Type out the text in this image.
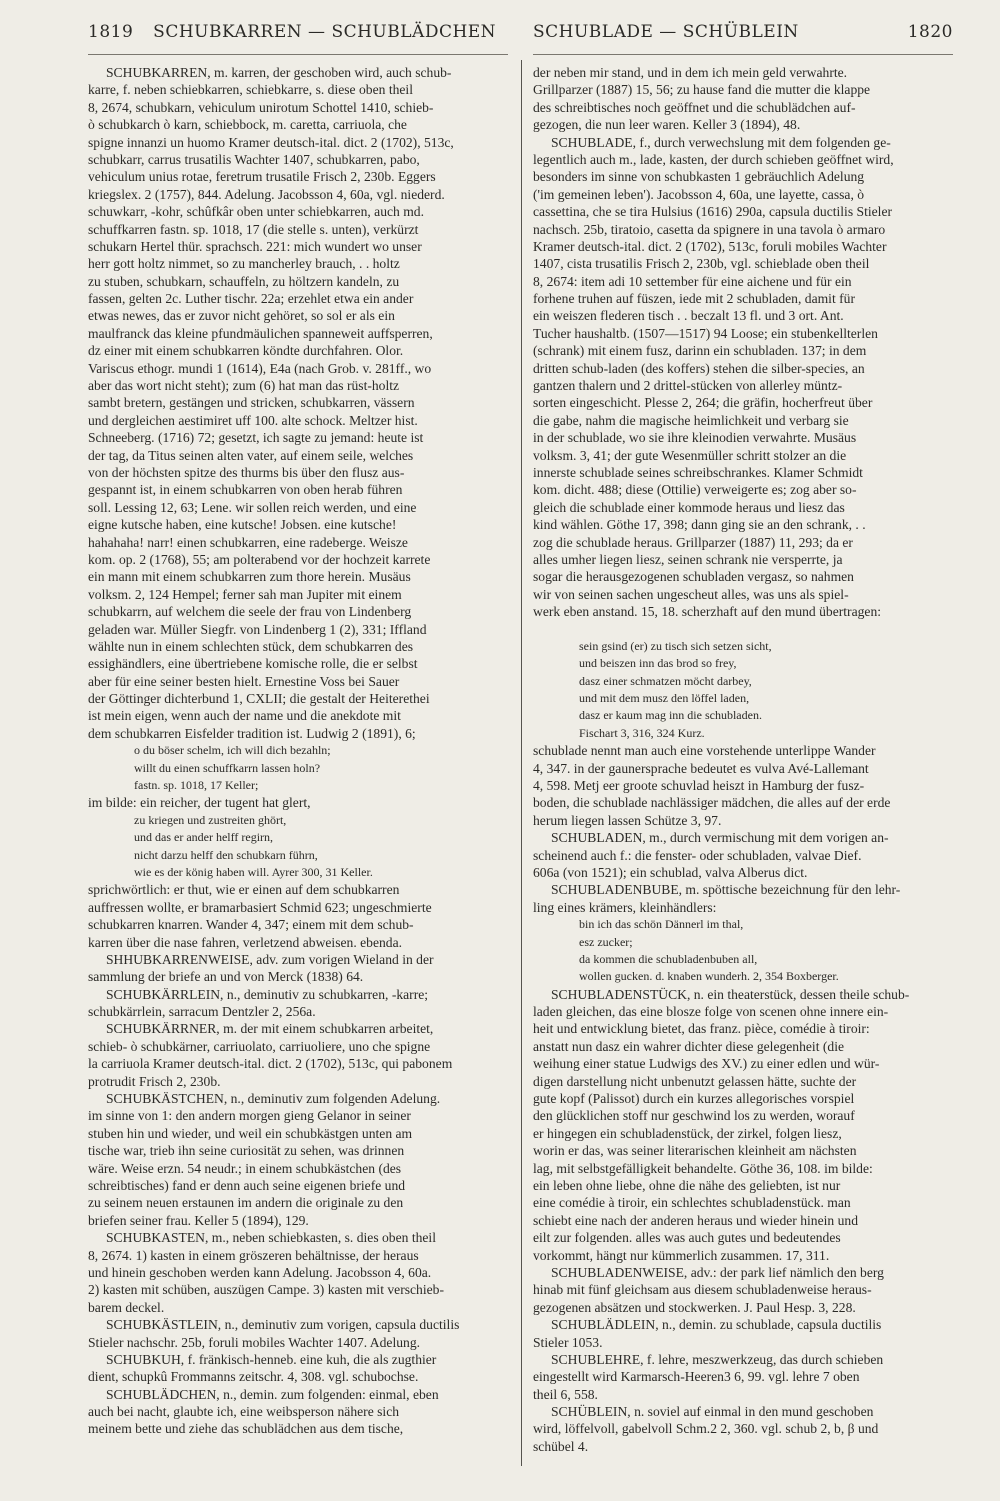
1819 SCHUBKARREN — SCHUBLÄDCHEN SCHUBLADE — SCHÜBLEIN	1820
SCHUBKARREN, m. karren, der geschoben wird, auch schub-
karre, f. neben schiebkarren, schiebkarre, s. diese oben theil
8, 2674, schubkarn, vehiculum unirotum Schottel 1410, schieb-
ò schubkarch ò karn, schiebbock, m. caretta, carriuola, che
spigne innanzi un huomo Kramer deutsch-ital. dict. 2 (1702), 513c,
schubkarr, carrus trusatilis Wachter 1407, schubkarren, pabo,
vehiculum unius rotae, feretrum trusatile Frisch 2, 230b. Eggers
kriegslex. 2 (1757), 844. Adelung. Jacobsson 4, 60a, vgl. niederd.
schuwkarr, -kohr, schûfkâr oben unter schiebkarren, auch md.
schuffkarren fastn. sp. 1018, 17 (die stelle s. unten), verkürzt
schukarn Hertel thür. sprachsch. 221: mich wundert wo unser
herr gott holtz nimmet, so zu mancherley brauch, . . holtz
zu stuben, schubkarn, schauffeln, zu höltzern kandeln, zu
fassen, gelten 2c. Luther tischr. 22a; erzehlet etwa ein ander
etwas newes, das er zuvor nicht gehöret, so sol er als ein
maulfranck das kleine pfundmäulichen spanneweit auffsperren,
dz einer mit einem schubkarren köndte durchfahren. Olor.
Variscus ethogr. mundi 1 (1614), E4a (nach Grob. v. 281ff., wo
aber das wort nicht steht); zum (6) hat man das rüst-holtz
sambt bretern, gestängen und stricken, schubkarren, vässern
und dergleichen aestimiret uff 100. alte schock. Meltzer hist.
Schneeberg. (1716) 72; gesetzt, ich sagte zu jemand: heute ist
der tag, da Titus seinen alten vater, auf einem seile, welches
von der höchsten spitze des thurms bis über den flusz aus-
gespannt ist, in einem schubkarren von oben herab führen
soll. Lessing 12, 63; Lene. wir sollen reich werden, und eine
eigne kutsche haben, eine kutsche! Jobsen. eine kutsche!
hahahaha! narr! einen schubkarren, eine radeberge. Weisze
kom. op. 2 (1768), 55; am polterabend vor der hochzeit karrete
ein mann mit einem schubkarren zum thore herein. Musäus
volksm. 2, 124 Hempel; ferner sah man Jupiter mit einem
schubkarrn, auf welchem die seele der frau von Lindenberg
geladen war. Müller Siegfr. von Lindenberg 1 (2), 331; Iffland
wählte nun in einem schlechten stück, dem schubkarren des
essighändlers, eine übertriebene komische rolle, die er selbst
aber für eine seiner besten hielt. Ernestine Voss bei Sauer
der Göttinger dichterbund 1, CXLII; die gestalt der Heiterethei
ist mein eigen, wenn auch der name und die anekdote mit
dem schubkarren Eisfelder tradition ist. Ludwig 2 (1891), 6;
o du böser schelm, ich will dich bezahln;
willt du einen schuffkarrn lassen holn?
fastn. sp. 1018, 17 Keller;
im bilde: ein reicher, der tugent hat glert,
zu kriegen und zustreiten ghört,
und das er ander helff regirn,
nicht darzu helff den schubkarn führn,
wie es der könig haben will. Ayrer 300, 31 Keller.
sprichwörtlich: er thut, wie er einen auf dem schubkarren
auffressen wollte, er bramarbasiert Schmid 623; ungeschmierte
schubkarren knarren. Wander 4, 347; einem mit dem schub-
karren über die nase fahren, verletzend abweisen. ebenda.
SHHUBKARRENWEISE, adv. zum vorigen Wieland in der
sammlung der briefe an und von Merck (1838) 64.
SCHUBKÄRRLEIN, n., deminutiv zu schubkarren, -karre;
schubkärrlein, sarracum Dentzler 2, 256a.
SCHUBKÄRRNER, m. der mit einem schubkarren arbeitet,
schieb- ò schubkärner, carriuolato, carriuoliere, uno che spigne
la carriuola Kramer deutsch-ital. dict. 2 (1702), 513c, qui pabonem
protrudit Frisch 2, 230b.
SCHUBKÄSTCHEN, n., deminutiv zum folgenden Adelung.
im sinne von 1: den andern morgen gieng Gelanor in seiner
stuben hin und wieder, und weil ein schubkästgen unten am
tische war, trieb ihn seine curiosität zu sehen, was drinnen
wäre. Weise erzn. 54 neudr.; in einem schubkästchen (des
schreibtisches) fand er denn auch seine eigenen briefe und
zu seinem neuen erstaunen im andern die originale zu den
briefen seiner frau. Keller 5 (1894), 129.
SCHUBKASTEN, m., neben schiebkasten, s. dies oben theil
8, 2674. 1) kasten in einem gröszeren behältnisse, der heraus
und hinein geschoben werden kann Adelung. Jacobsson 4, 60a.
2) kasten mit schüben, auszügen Campe. 3) kasten mit verschieb-
barem deckel.
SCHUBKÄSTLEIN, n., deminutiv zum vorigen, capsula ductilis
Stieler nachschr. 25b, foruli mobiles Wachter 1407. Adelung.
SCHUBKUH, f. fränkisch-henneb. eine kuh, die als zugthier
dient, schupkû Frommanns zeitschr. 4, 308. vgl. schubochse.
SCHUBLÄDCHEN, n., demin. zum folgenden: einmal, eben
auch bei nacht, glaubte ich, eine weibsperson nähere sich
meinem bette und ziehe das schublädchen aus dem tische,
der neben mir stand, und in dem ich mein geld verwahrte.
Grillparzer (1887) 15, 56; zu hause fand die mutter die klappe
des schreibtisches noch geöffnet und die schublädchen auf-
gezogen, die nun leer waren. Keller 3 (1894), 48.
SCHUBLADE, f., durch verwechslung mit dem folgenden ge-
legentlich auch m., lade, kasten, der durch schieben geöffnet wird,
besonders im sinne von schubkasten 1 gebräuchlich Adelung
('im gemeinen leben'). Jacobsson 4, 60a, une layette, cassa, ò
cassettina, che se tira Hulsius (1616) 290a, capsula ductilis Stieler
nachsch. 25b, tiratoio, casetta da spignere in una tavola ò armaro
Kramer deutsch-ital. dict. 2 (1702), 513c, foruli mobiles Wachter
1407, cista trusatilis Frisch 2, 230b, vgl. schieblade oben theil
8, 2674: item adi 10 settember für eine aichene und für ein
forhene truhen auf füszen, iede mit 2 schubladen, damit für
ein weiszen flederen tisch . . beczalt 13 fl. und 3 ort. Ant.
Tucher haushaltb. (1507—1517) 94 Loose; ein stubenkellterlen
(schrank) mit einem fusz, darinn ein schubladen. 137; in dem
dritten schub-laden (des koffers) stehen die silber-species, an
gantzen thalern und 2 drittel-stücken von allerley müntz-
sorten eingeschicht. Plesse 2, 264; die gräfin, hocherfreut über
die gabe, nahm die magische heimlichkeit und verbarg sie
in der schublade, wo sie ihre kleinodien verwahrte. Musäus
volksm. 3, 41; der gute Wesenmüller schritt stolzer an die
innerste schublade seines schreibschrankes. Klamer Schmidt
kom. dicht. 488; diese (Ottilie) verweigerte es; zog aber so-
gleich die schublade einer kommode heraus und liesz das
kind wählen. Göthe 17, 398; dann ging sie an den schrank, . .
zog die schublade heraus. Grillparzer (1887) 11, 293; da er
alles umher liegen liesz, seinen schrank nie versperrte, ja
sogar die herausgezogenen schubladen vergasz, so nahmen
wir von seinen sachen ungescheut alles, was uns als spiel-
werk eben anstand. 15, 18. scherzhaft auf den mund übertragen:
sein gsind (er) zu tisch sich setzen sicht,
und beiszen inn das brod so frey,
dasz einer schmatzen möcht darbey,
und mit dem musz den löffel laden,
dasz er kaum mag inn die schubladen.
Fischart 3, 316, 324 Kurz.
schublade nennt man auch eine vorstehende unterlippe Wander
4, 347. in der gaunersprache bedeutet es vulva Avé-Lallemant
4, 598. Metj eer groote schuvlad heiszt in Hamburg der fusz-
boden, die schublade nachlässiger mädchen, die alles auf der erde
herum liegen lassen Schütze 3, 97.
SCHUBLADEN, m., durch vermischung mit dem vorigen an-
scheinend auch f.: die fenster- oder schubladen, valvae Dief.
606a (von 1521); ein schublad, valva Alberus dict.
SCHUBLADENBUBE, m. spöttische bezeichnung für den lehr-
ling eines krämers, kleinhändlers:
bin ich das schön Dännerl im thal,
esz zucker;
da kommen die schubladenbuben all,
wollen gucken. d. knaben wunderh. 2, 354 Boxberger.
SCHUBLADENSTÜCK, n. ein theaterstück, dessen theile schub-
laden gleichen, das eine blosze folge von scenen ohne innere ein-
heit und entwicklung bietet, das franz. pièce, comédie à tiroir:
anstatt nun dasz ein wahrer dichter diese gelegenheit (die
weihung einer statue Ludwigs des XV.) zu einer edlen und wür-
digen darstellung nicht unbenutzt gelassen hätte, suchte der
gute kopf (Palissot) durch ein kurzes allegorisches vorspiel
den glücklichen stoff nur geschwind los zu werden, worauf
er hingegen ein schubladenstück, der zirkel, folgen liesz,
worin er das, was seiner literarischen kleinheit am nächsten
lag, mit selbstgefälligkeit behandelte. Göthe 36, 108. im bilde:
ein leben ohne liebe, ohne die nähe des geliebten, ist nur
eine comédie à tiroir, ein schlechtes schubladenstück. man
schiebt eine nach der anderen heraus und wieder hinein und
eilt zur folgenden. alles was auch gutes und bedeutendes
vorkommt, hängt nur kümmerlich zusammen. 17, 311.
SCHUBLADENWEISE, adv.: der park lief nämlich den berg
hinab mit fünf gleichsam aus diesem schubladenweise heraus-
gezogenen absätzen und stockwerken. J. Paul Hesp. 3, 228.
SCHUBLÄDLEIN, n., demin. zu schublade, capsula ductilis
Stieler 1053.
SCHUBLEHRE, f. lehre, meszwerkzeug, das durch schieben
eingestellt wird Karmarsch-Heeren3 6, 99. vgl. lehre 7 oben
theil 6, 558.
SCHÜBLEIN, n. soviel auf einmal in den mund geschoben
wird, löffelvoll, gabelvoll Schm.2 2, 360. vgl. schub 2, b, β und
schübel 4.
